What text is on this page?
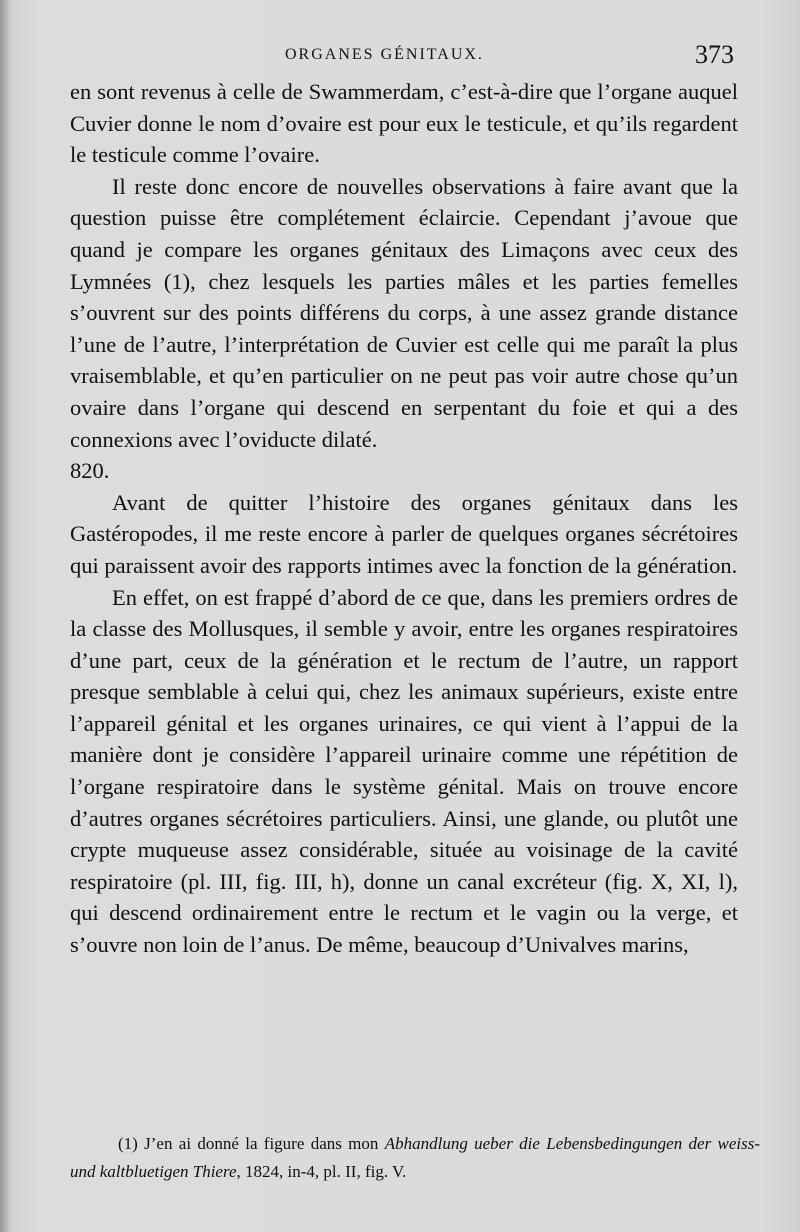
ORGANES GÉNITAUX.	373

en sont revenus à celle de Swammerdam, c’est-à-dire que l’organe auquel Cuvier donne le nom d’ovaire est pour eux le testicule, et qu’ils regardent le testicule comme l’ovaire.

Il reste donc encore de nouvelles observations à faire avant que la question puisse être complétement éclaircie. Cependant j’avoue que quand je compare les organes génitaux des Limaçons avec ceux des Lymnées (1), chez lesquels les parties mâles et les parties femelles s’ouvrent sur des points différens du corps, à une assez grande distance l’une de l’autre, l’interprétation de Cuvier est celle qui me paraît la plus vraisemblable, et qu’en particulier on ne peut pas voir autre chose qu’un ovaire dans l’organe qui descend en serpentant du foie et qui a des connexions avec l’oviducte dilaté.

820.

Avant de quitter l’histoire des organes génitaux dans les Gastéropodes, il me reste encore à parler de quelques organes sécrétoires qui paraissent avoir des rapports intimes avec la fonction de la génération.

En effet, on est frappé d’abord de ce que, dans les premiers ordres de la classe des Mollusques, il semble y avoir, entre les organes respiratoires d’une part, ceux de la génération et le rectum de l’autre, un rapport presque semblable à celui qui, chez les animaux supérieurs, existe entre l’appareil génital et les organes urinaires, ce qui vient à l’appui de la manière dont je considère l’appareil urinaire comme une répétition de l’organe respiratoire dans le système génital. Mais on trouve encore d’autres organes sécrétoires particuliers. Ainsi, une glande, ou plutôt une crypte muqueuse assez considérable, située au voisinage de la cavité respiratoire (pl. III, fig. III, h), donne un canal excréteur (fig. X, XI, l), qui descend ordinairement entre le rectum et le vagin ou la verge, et s’ouvre non loin de l’anus. De même, beaucoup d’Univalves marins,

(1) J’en ai donné la figure dans mon Abhandlung ueber die Lebensbedingungen der weiss- und kaltbluetigen Thiere, 1824, in-4, pl. II, fig. V.
